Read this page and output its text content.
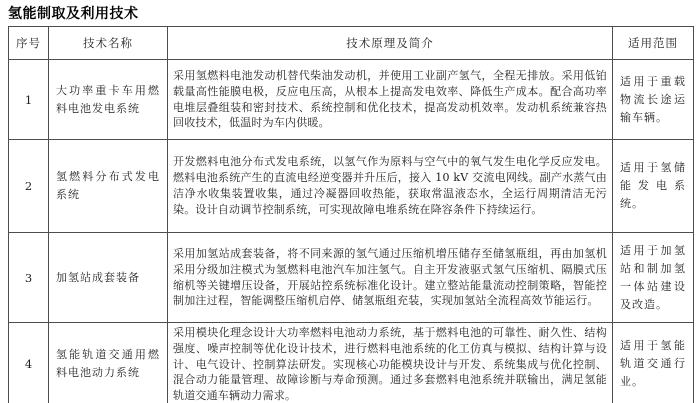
氢能制取及利用技术
序号	技术名称	技术原理及简介	适用范围
1	大功率重卡车用燃料电池发电系统	采用氢燃料电池发动机替代柴油发动机，并使用工业副产氢气，全程无排放。采用低铂载量高性能膜电极，反应电压高，从根本上提高发电效率、降低生产成本。配合高功率电堆层叠组装和密封技术、系统控制和优化技术，提高发动机效率。发动机系统兼容热回收技术，低温时为车内供暖。	适用于重载物流长途运输车辆。
2	氢燃料分布式发电系统	开发燃料电池分布式发电系统，以氢气作为原料与空气中的氧气发生电化学反应发电。燃料电池系统产生的直流电经逆变器并升压后，接入 10 kV 交流电网线。副产水蒸气由洁净水收集装置收集，通过冷凝器回收热能，获取常温液态水，全运行周期清洁无污染。设计自动调节控制系统，可实现故障电堆系统在降容条件下持续运行。	适用于氢储能发电系统。
3	加氢站成套装备	采用加氢站成套装备，将不同来源的氢气通过压缩机增压储存至储氢瓶组，再由加氢机采用分级加注模式为氢燃料电池汽车加注氢气。自主开发液驱式氢气压缩机、隔膜式压缩机等关键增压设备，开展站控系统标准化设计。建立整站能量流动控制策略，智能控制加注过程，智能调整压缩机启停、储氢瓶组充装，实现加氢站全流程高效节能运行。	适用于加氢站和制加氢一体站建设及改造。
4	氢能轨道交通用燃料电池动力系统	采用模块化理念设计大功率燃料电池动力系统，基于燃料电池的可靠性、耐久性、结构强度、噪声控制等优化设计技术，进行燃料电池系统的化工仿真与模拟、结构计算与设计、电气设计、控制算法研发。实现核心功能模块设计与开发、系统集成与优化控制、混合动力能量管理、故障诊断与寿命预测。通过多套燃料电池系统并联输出，满足氢能轨道交通车辆动力需求。	适用于氢能轨道交通行业。
